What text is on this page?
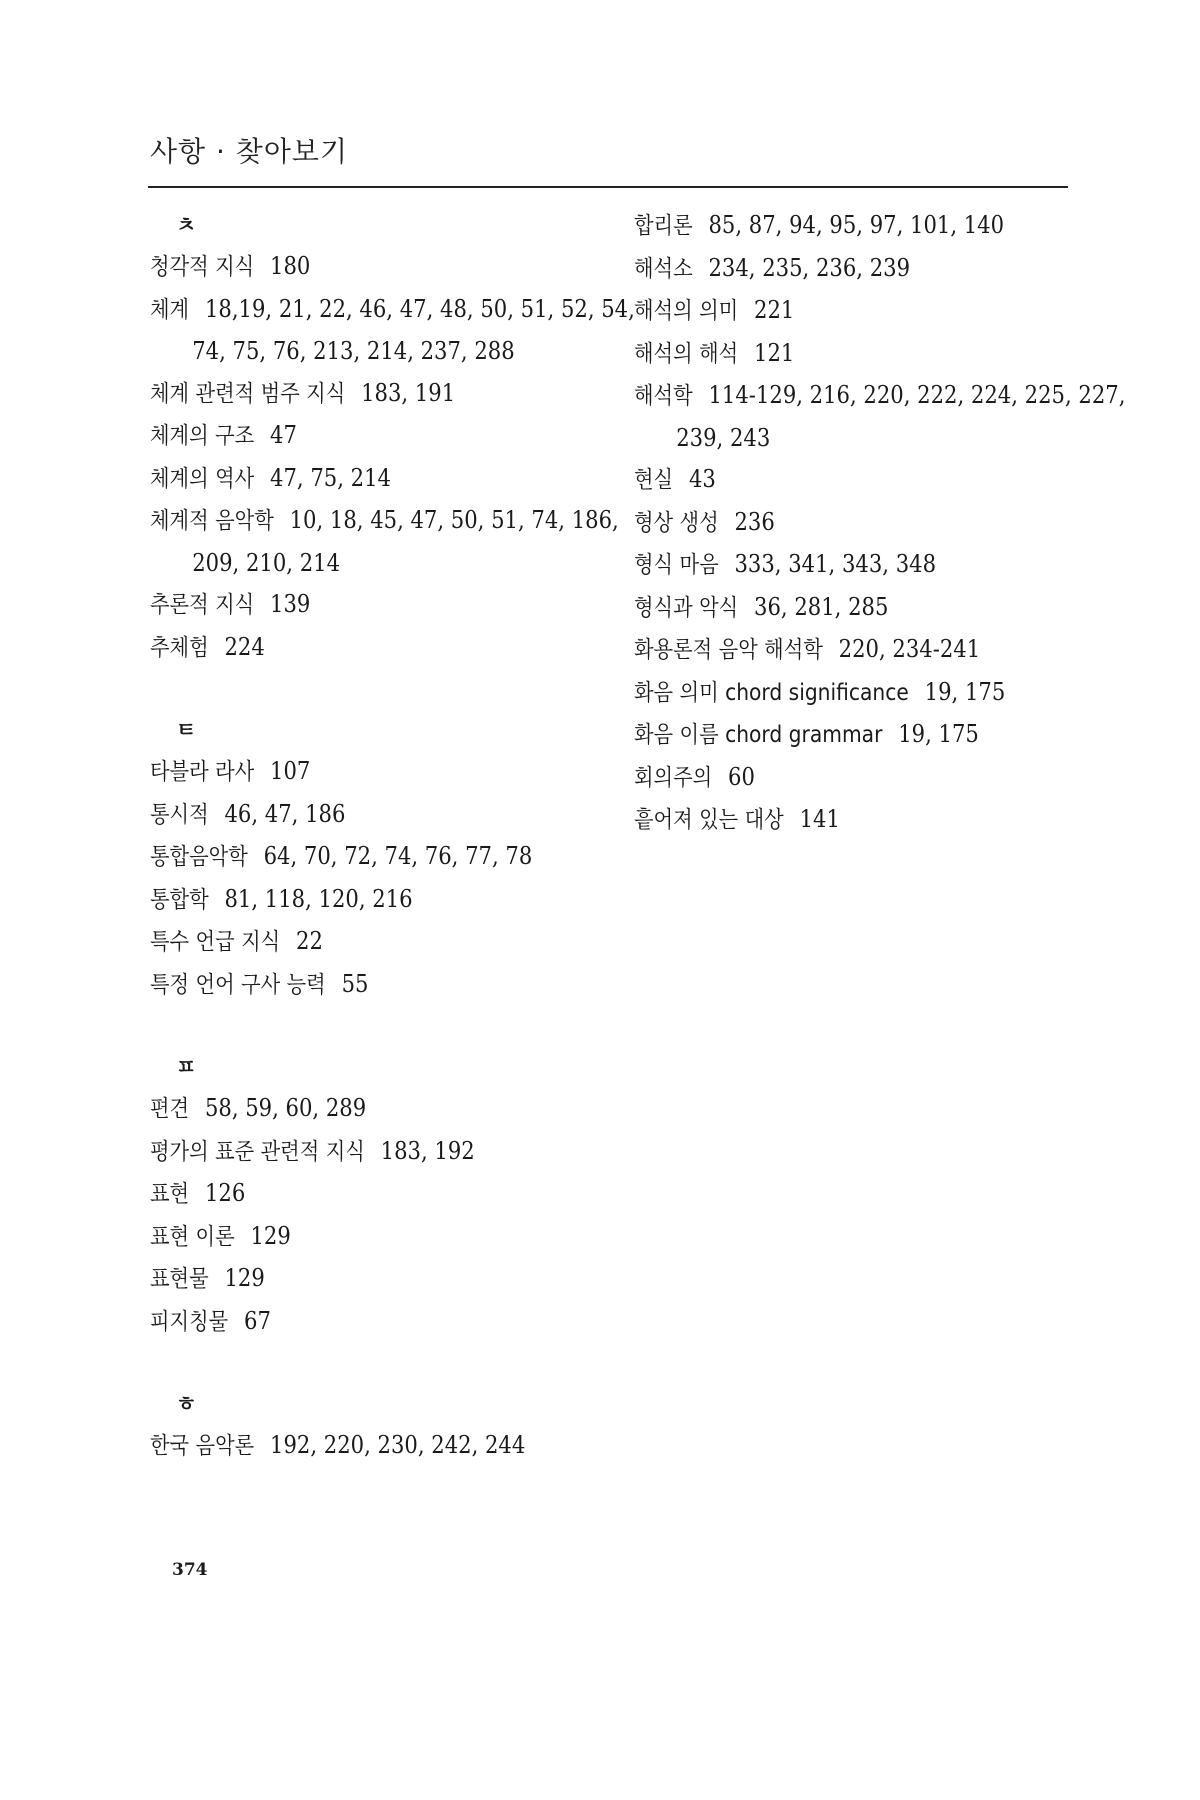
사항 · 찾아보기
ㅊ
청각적 지식 180
체계 18,19, 21, 22, 46, 47, 48, 50, 51, 52, 54, 74, 75, 76, 213, 214, 237, 288
체계 관련적 범주 지식 183, 191
체계의 구조 47
체계의 역사 47, 75, 214
체계적 음악학 10, 18, 45, 47, 50, 51, 74, 186, 209, 210, 214
추론적 지식 139
추체험 224
ㅌ
타블라 라사 107
통시적 46, 47, 186
통합음악학 64, 70, 72, 74, 76, 77, 78
통합학 81, 118, 120, 216
특수 언급 지식 22
특정 언어 구사 능력 55
ㅍ
편견 58, 59, 60, 289
평가의 표준 관련적 지식 183, 192
표현 126
표현 이론 129
표현물 129
피지칭물 67
ㅎ
한국 음악론 192, 220, 230, 242, 244
합리론 85, 87, 94, 95, 97, 101, 140
해석소 234, 235, 236, 239
해석의 의미 221
해석의 해석 121
해석학 114-129, 216, 220, 222, 224, 225, 227, 239, 243
현실 43
형상 생성 236
형식 마음 333, 341, 343, 348
형식과 악식 36, 281, 285
화용론적 음악 해석학 220, 234-241
화음 의미 chord significance 19, 175
화음 이름 chord grammar 19, 175
회의주의 60
흩어져 있는 대상 141
374
